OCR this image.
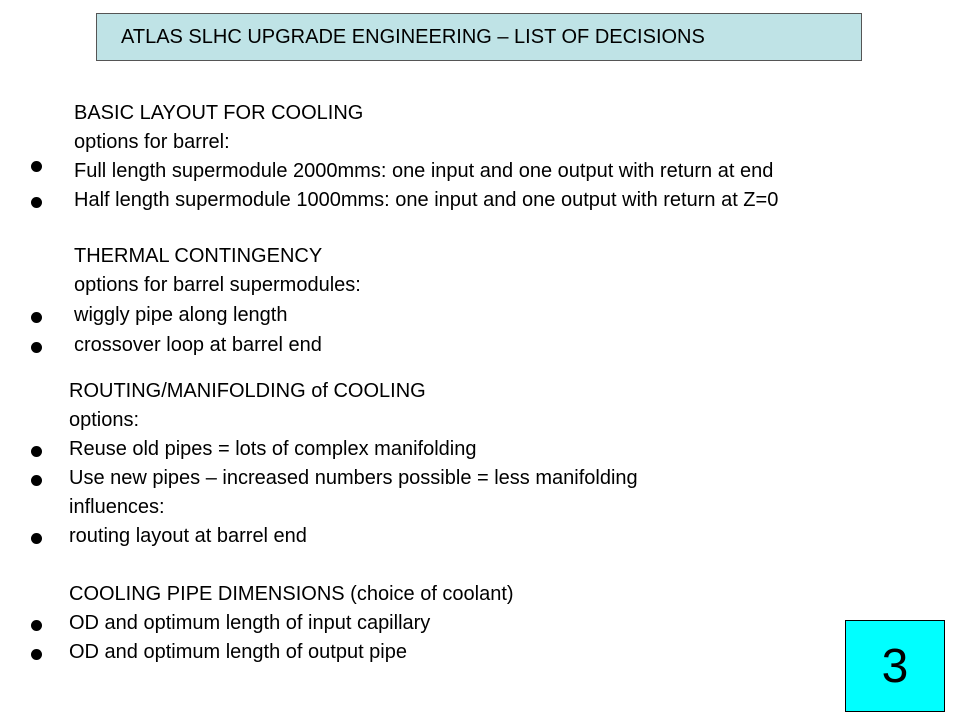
ATLAS SLHC UPGRADE ENGINEERING – LIST OF DECISIONS
BASIC LAYOUT FOR COOLING
options for barrel:
Full length supermodule 2000mms: one input and one output with return at end
Half length supermodule 1000mms: one input and one output with return at Z=0
THERMAL CONTINGENCY
options for barrel supermodules:
wiggly pipe along length
crossover loop at barrel end
ROUTING/MANIFOLDING of COOLING
options:
Reuse old pipes = lots of complex manifolding
Use new pipes – increased numbers possible = less manifolding
influences:
routing layout at barrel end
COOLING PIPE DIMENSIONS (choice of coolant)
OD and optimum length of input capillary
OD and optimum length of output pipe	3
